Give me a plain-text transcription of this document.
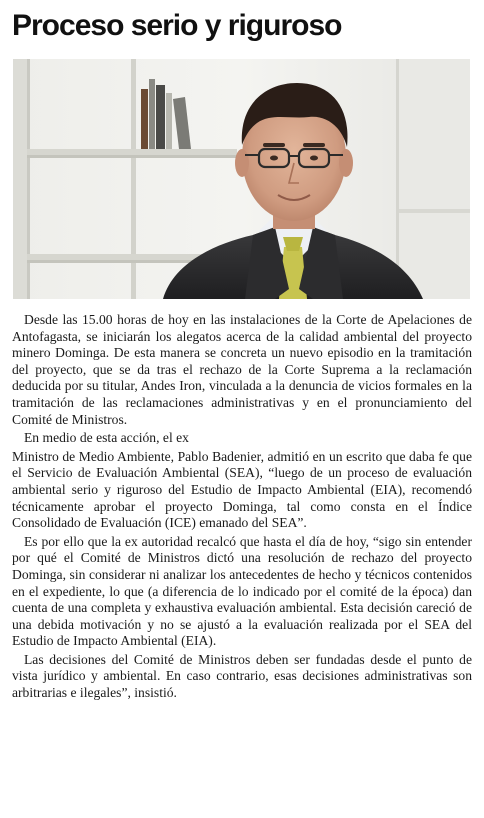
Proceso serio y riguroso

Desde las 15.00 horas de hoy en las instalaciones de la Corte de Apelaciones de Antofagasta, se iniciarán los alegatos acerca de la calidad ambiental del proyecto minero Dominga. De esta manera se concreta un nuevo episodio en la tramitación del proyecto, que se da tras el rechazo de la Corte Suprema a la reclamación deducida por su titular, Andes Iron, vinculada a la denuncia de vicios formales en la tramitación de las reclamaciones administrativas y en el pronunciamiento del Comité de Ministros.

En medio de esta acción, el ex

Ministro de Medio Ambiente, Pablo Badenier, admitió en un escrito que daba fe que el Servicio de Evaluación Ambiental (SEA), “luego de un proceso de evaluación ambiental serio y riguroso del Estudio de Impacto Ambiental (EIA), recomendó técnicamente aprobar el proyecto Dominga, tal como consta en el Índice Consolidado de Evaluación (ICE) emanado del SEA”.

Es por ello que la ex autoridad recalcó que hasta el día de hoy, “sigo sin entender por qué el Comité de Ministros dictó una resolución de rechazo del proyecto Dominga, sin considerar ni analizar los antecedentes de hecho y técnicos contenidos en el expediente, lo que (a diferencia de lo indicado por el comité de la época) dan cuenta de una completa y exhaustiva evaluación ambiental. Esta decisión careció de una debida motivación y no se ajustó a la evaluación realizada por el SEA del Estudio de Impacto Ambiental (EIA).

Las decisiones del Comité de Ministros deben ser fundadas desde el punto de vista jurídico y ambiental. En caso contrario, esas decisiones administrativas son arbitrarias e ilegales”, insistió.
